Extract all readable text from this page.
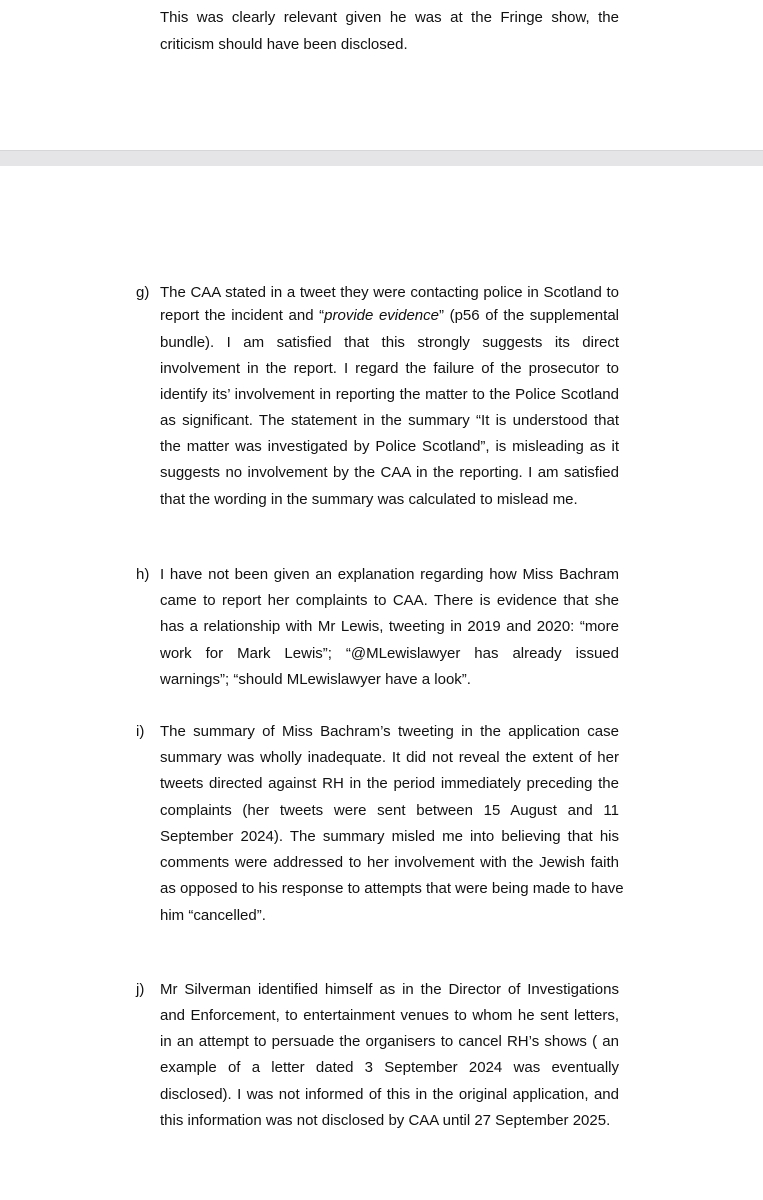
This was clearly relevant given he was at the Fringe show, the
criticism should have been disclosed.
g) The CAA stated in a tweet they were contacting police in Scotland to
report the incident and “provide evidence” (p56 of the supplemental
bundle). I am satisfied that this strongly suggests its direct
involvement in the report. I regard the failure of the prosecutor to
identify its’ involvement in reporting the matter to the Police Scotland
as significant. The statement in the summary “It is understood that
the matter was investigated by Police Scotland”, is misleading as it
suggests no involvement by the CAA in the reporting. I am satisfied
that the wording in the summary was calculated to mislead me.
h) I have not been given an explanation regarding how Miss Bachram
came to report her complaints to CAA. There is evidence that she
has a relationship with Mr Lewis, tweeting in 2019 and 2020: “more
work for Mark Lewis”; “@MLewislawyer has already issued
warnings”; “should MLewislawyer have a look”.
i) The summary of Miss Bachram’s tweeting in the application case
summary was wholly inadequate. It did not reveal the extent of her
tweets directed against RH in the period immediately preceding the
complaints (her tweets were sent between 15 August and 11
September 2024). The summary misled me into believing that his
comments were addressed to her involvement with the Jewish faith
as opposed to his response to attempts that were being made to have
him “cancelled”.
j) Mr Silverman identified himself as in the Director of Investigations
and Enforcement, to entertainment venues to whom he sent letters,
in an attempt to persuade the organisers to cancel RH’s shows ( an
example of a letter dated 3 September 2024 was eventually
disclosed). I was not informed of this in the original application, and
this information was not disclosed by CAA until 27 September 2025.
